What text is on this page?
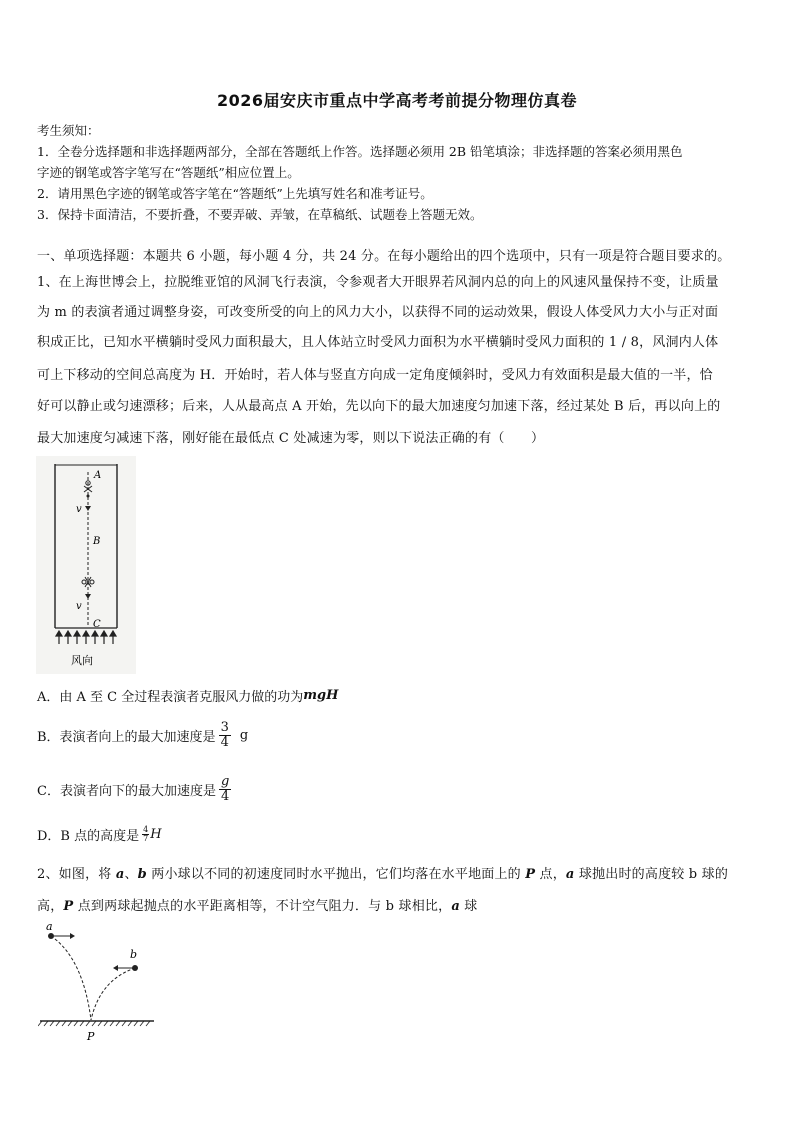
2026届安庆市重点中学高考考前提分物理仿真卷
考生须知：
1．全卷分选择题和非选择题两部分，全部在答题纸上作答。选择题必须用 2B 铅笔填涂；非选择题的答案必须用黑色
字迹的钢笔或答字笔写在“答题纸”相应位置上。
2．请用黑色字迹的钢笔或答字笔在“答题纸”上先填写姓名和准考证号。
3．保持卡面清洁，不要折叠，不要弄破、弄皱，在草稿纸、试题卷上答题无效。
一、单项选择题：本题共 6 小题，每小题 4 分，共 24 分。在每小题给出的四个选项中，只有一项是符合题目要求的。
1、在上海世博会上，拉脱维亚馆的风洞飞行表演，令参观者大开眼界若风洞内总的向上的风速风量保持不变，让质量
为 m 的表演者通过调整身姿，可改变所受的向上的风力大小，以获得不同的运动效果，假设人体受风力大小与正对面
积成正比，已知水平横躺时受风力面积最大，且人体站立时受风力面积为水平横躺时受风力面积的 1 / 8，风洞内人体
可上下移动的空间总高度为 H．开始时，若人体与竖直方向成一定角度倾斜时，受风力有效面积是最大值的一半，恰
好可以静止或匀速漂移；后来，人从最高点 A 开始，先以向下的最大加速度匀加速下落，经过某处 B 后，再以向上的
最大加速度匀减速下落，刚好能在最低点 C 处减速为零，则以下说法正确的有（　　）
A
v
B
v
C
风向
A．由 A 至 C 全过程表演者克服风力做的功为 mgH
B．表演者向上的最大加速度是 $\frac{3}{4}$ g
C．表演者向下的最大加速度是 $\frac{g}{4}$
D．B 点的高度是 $\frac{4}{7}$ H
2、如图，将 a、b 两小球以不同的初速度同时水平抛出，它们均落在水平地面上的 P 点，a 球抛出时的高度较 b 球的
高，P 点到两球起抛点的水平距离相等，不计空气阻力．与 b 球相比，a 球
a
b
P
